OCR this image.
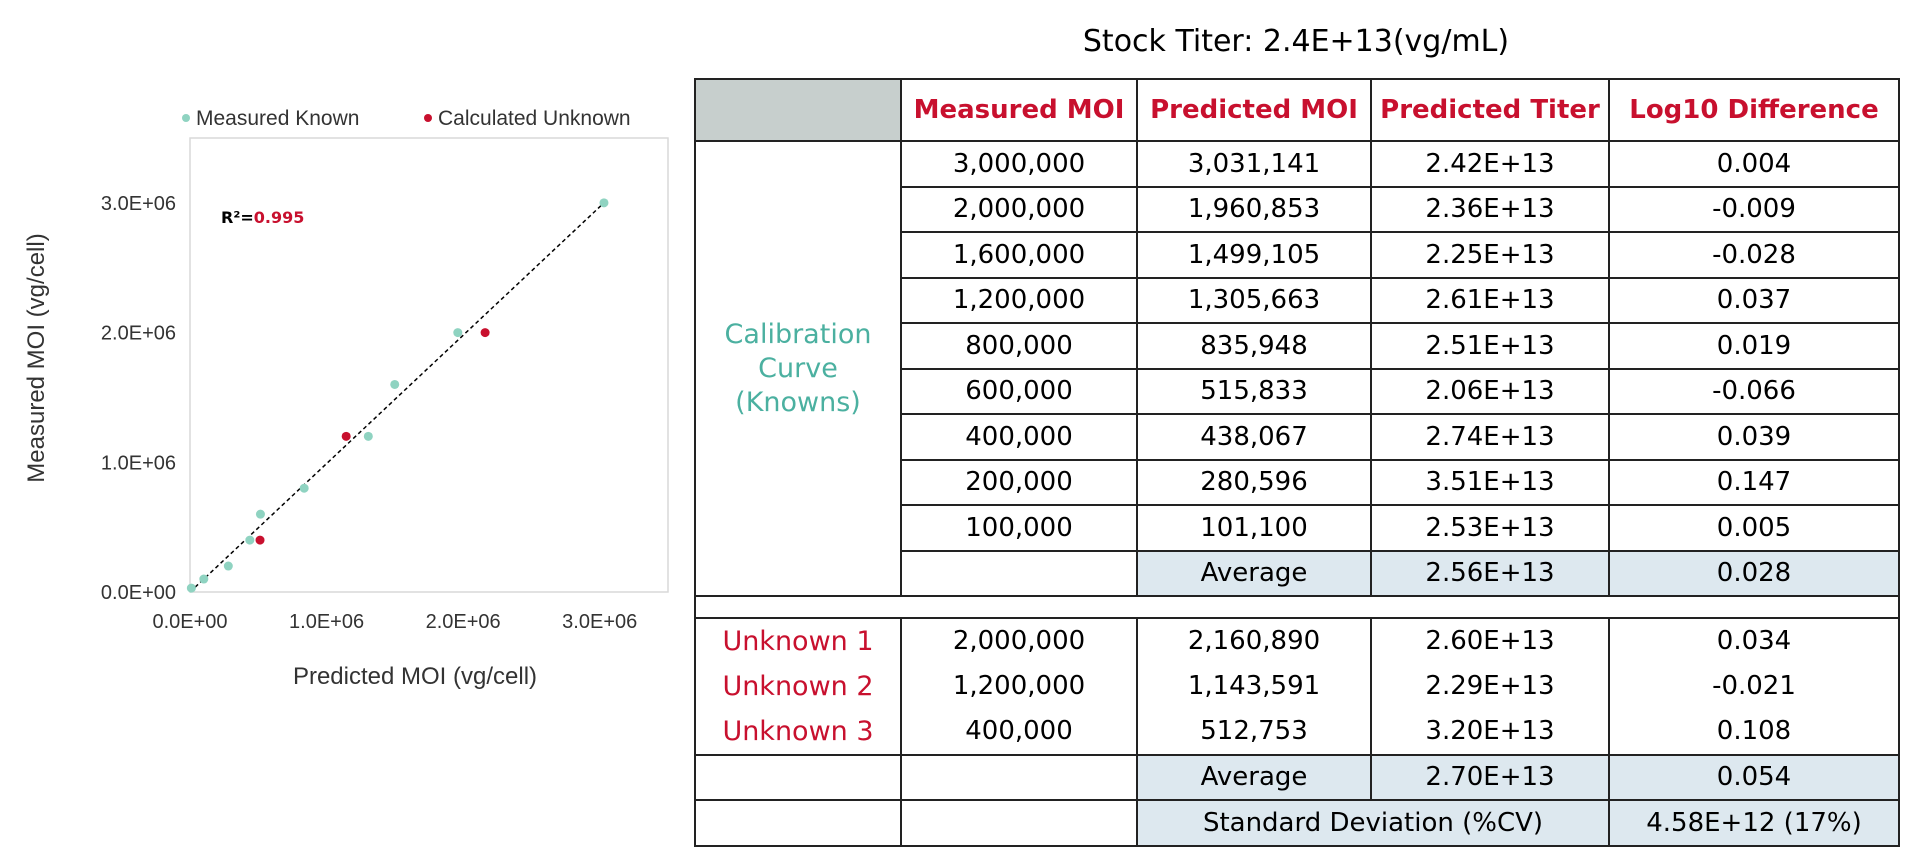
Measured Known	Calculated Unknown
0.0E+00
1.0E+06
2.0E+06
3.0E+06
0.0E+00	1.0E+06	2.0E+06	3.0E+06
R²=0.995
Predicted MOI (vg/cell)
Measured MOI (vg/cell)
Stock Titer: 2.4E+13(vg/mL)
	Measured MOI	Predicted MOI	Predicted Titer	Log10 Difference
Calibration Curve (Knowns)	3,000,000	3,031,141	2.42E+13	0.004
	2,000,000	1,960,853	2.36E+13	-0.009
	1,600,000	1,499,105	2.25E+13	-0.028
	1,200,000	1,305,663	2.61E+13	0.037
	800,000	835,948	2.51E+13	0.019
	600,000	515,833	2.06E+13	-0.066
	400,000	438,067	2.74E+13	0.039
	200,000	280,596	3.51E+13	0.147
	100,000	101,100	2.53E+13	0.005
		Average	2.56E+13	0.028

Unknown 1	2,000,000	2,160,890	2.60E+13	0.034
Unknown 2	1,200,000	1,143,591	2.29E+13	-0.021
Unknown 3	400,000	512,753	3.20E+13	0.108
		Average	2.70E+13	0.054
		Standard Deviation (%CV)		4.58E+12 (17%)
